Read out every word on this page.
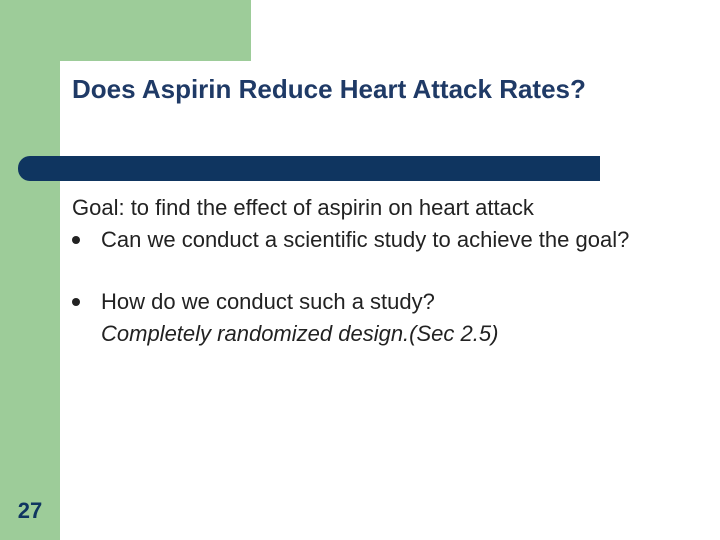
Does Aspirin Reduce Heart Attack Rates?

Goal: to find the effect of aspirin on heart attack

Can we conduct a scientific study to achieve the goal?
How do we conduct such a study?
Completely randomized design.(Sec 2.5)
27
